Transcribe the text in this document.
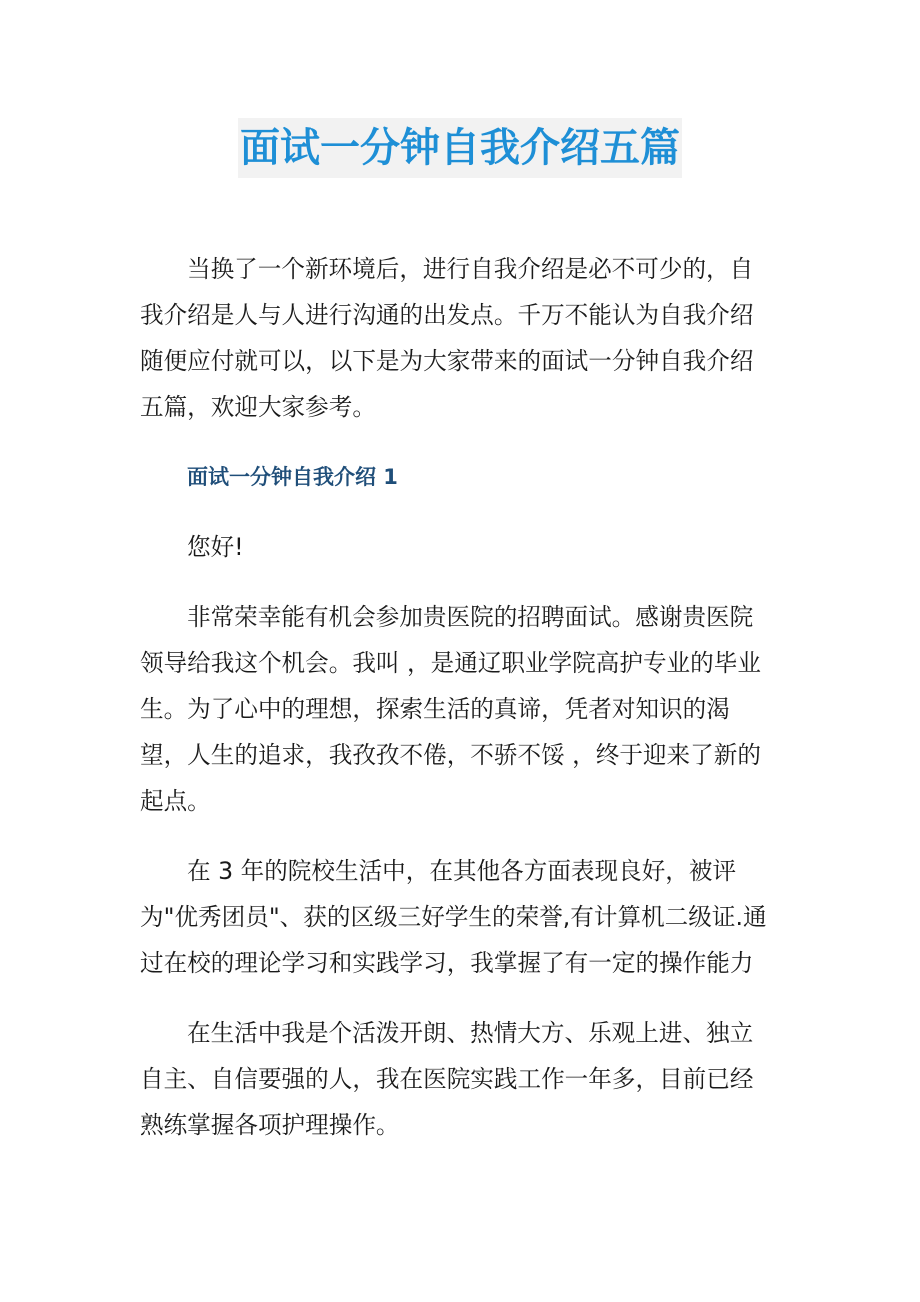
面试一分钟自我介绍五篇

当换了一个新环境后，进行自我介绍是必不可少的，自我介绍是人与人进行沟通的出发点。千万不能认为自我介绍随便应付就可以，以下是为大家带来的面试一分钟自我介绍五篇，欢迎大家参考。

面试一分钟自我介绍 1

您好!

非常荣幸能有机会参加贵医院的招聘面试。感谢贵医院领导给我这个机会。我叫 ，是通辽职业学院高护专业的毕业生。为了心中的理想，探索生活的真谛，凭者对知识的渴望，人生的追求，我孜孜不倦，不骄不馁 ，终于迎来了新的起点。

在 3 年的院校生活中，在其他各方面表现良好，被评为"优秀团员"、获的区级三好学生的荣誉,有计算机二级证.通过在校的理论学习和实践学习，我掌握了有一定的操作能力

在生活中我是个活泼开朗、热情大方、乐观上进、独立自主、自信要强的人，我在医院实践工作一年多，目前已经熟练掌握各项护理操作。
